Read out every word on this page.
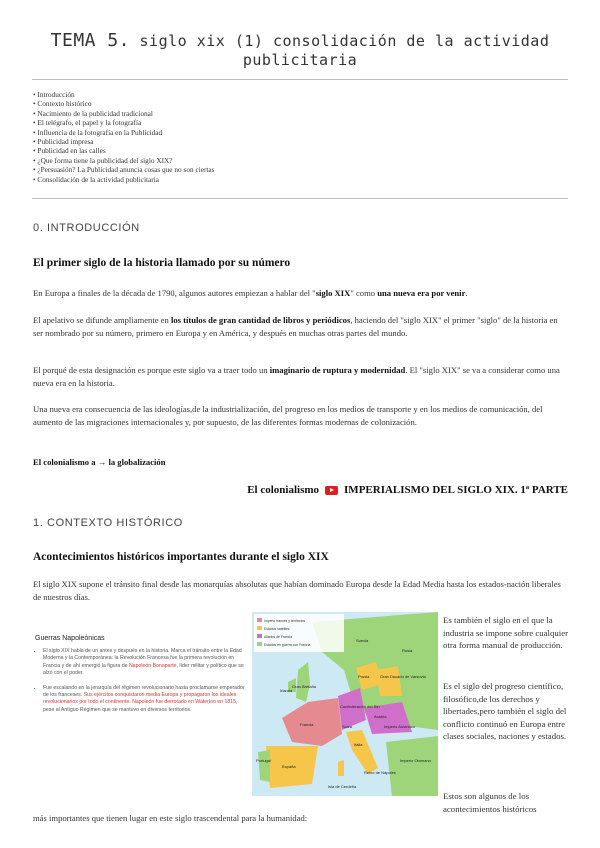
TEMA 5. siglo xix (1) consolidación de la actividad publicitaria
• Introducción
• Contexto histórico
• Nacimiento de la publicidad tradicional
• El telégrafo, el papel y la fotografía
• Influencia de la fotografía en la Publicidad
• Publicidad impresa
• Publicidad en las calles
• ¿Que forma tiene la publicidad del siglo XIX?
• ¿Persuasión? La Publicidad anuncia cosas que no son ciertas
• Consolidación de la actividad publicitaria
0. INTRODUCCIÓN
El primer siglo de la historia llamado por su número

En Europa a finales de la década de 1790, algunos autores empiezan a hablar del "siglo XIX" como una nueva era por venir.

El apelativo se difunde ampliamente en los títulos de gran cantidad de libros y periódicos, haciendo del "siglo XIX" el primer "siglo" de la historia en ser nombrado por su número, primero en Europa y en América, y después en muchas otras partes del mundo.

El porqué de esta designación es porque este siglo va a traer todo un imaginario de ruptura y modernidad. El "siglo XIX" se va a considerar como una nueva era en la historia.

Una nueva era consecuencia de las ideologías,de la industrialización, del progreso en los medios de transporte y en los medios de comunicación, del aumento de las migraciones internacionales y, por supuesto, de las diferentes formas modernas de colonización.

El colonialismo a → la globalización

El colonialismo IMPERIALISMO DEL SIGLO XIX. 1ª PARTE
1. CONTEXTO HISTÓRICO
Acontecimientos históricos importantes durante el siglo XIX

El siglo XIX supone el tránsito final desde las monarquías absolutas que habían dominado Europa desde la Edad Media hasta los estados-nación liberales de nuestros días.

Guerras Napoleónicas
• El siglo XIX habla de un antes y después en la historia. Marca el tránsito entre la Edad Moderna y la Contemporánea: la Revolución Francesa fue la primera revolución en Francia y de ahí emergió la figura de Napoleón Bonaparte, líder militar y político que se alzó con el poder.
• Fue escalando en la jerarquía del régimen revolucionario hasta proclamarse emperador de los franceses. Sus ejércitos conquistaron media Europa y propagaron los ideales revolucionarios por todo el continente. Napoleón fue derrotado en Waterloo en 1815, pese al Antiguo Régimen que se mantuvo en diversos territorios.
Imperio francés y territorios
Estados satélites
Aliados de Francia
Estados en guerra con Francia
Gran Bretaña
Irlanda
Francia
España
Portugal
Suecia
Prusia	Gran Ducado de Varsovia
Confederación del Rin
Suiza
Italia
Austria
Imperio Austriaco
Imperio Otomano
Rusia
Reino de Nápoles
Isla de Cerdeña

Es también el siglo en el que la industria se impone sobre cualquier otra forma manual de producción.

Es el siglo del progreso científico, filosófico,de los derechos y libertades,pero también el siglo del conflicto continuó en Europa entre clases sociales, naciones y estados.

Estos son algunos de los acontecimientos históricos

más importantes que tienen lugar en este siglo trascendental para la humanidad:
